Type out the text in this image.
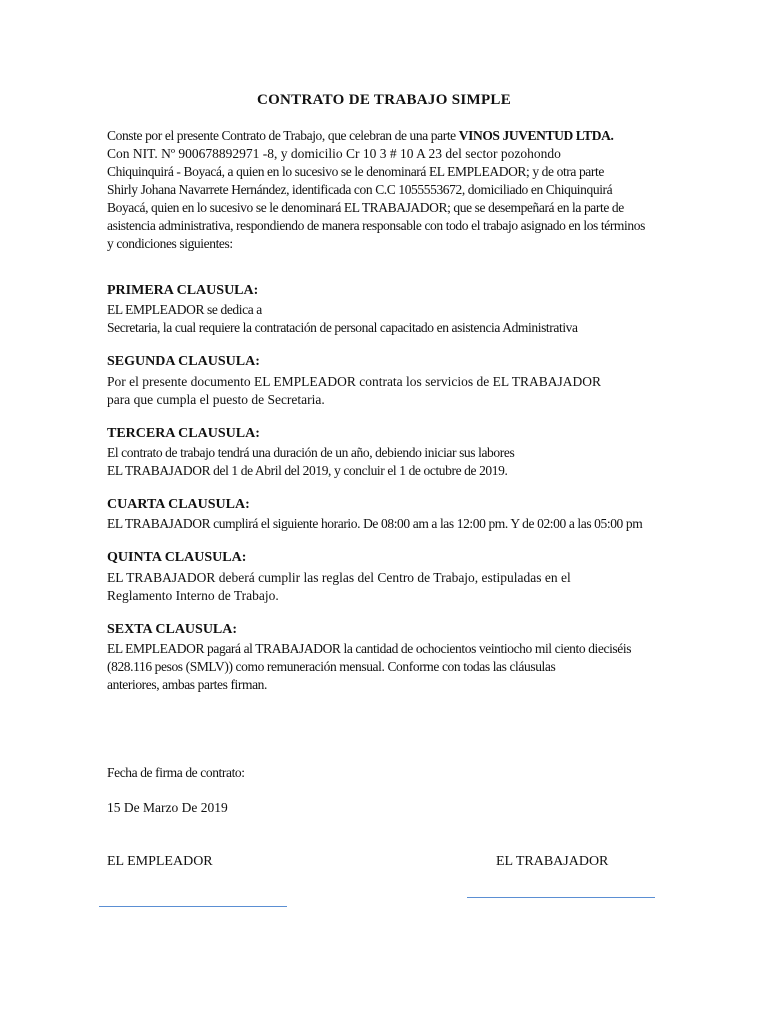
CONTRATO DE TRABAJO SIMPLE

Conste por el presente Contrato de Trabajo, que celebran de una parte VINOS JUVENTUD LTDA.
Con NIT. Nº 900678892971 -8, y domicilio Cr 10 3 # 10 A 23 del sector pozohondo
Chiquinquirá - Boyacá, a quien en lo sucesivo se le denominará EL EMPLEADOR; y de otra parte
Shirly Johana Navarrete Hernández, identificada con C.C 1055553672, domiciliado en Chiquinquirá
Boyacá, quien en lo sucesivo se le denominará EL TRABAJADOR; que se desempeñará en la parte de
asistencia administrativa, respondiendo de manera responsable con todo el trabajo asignado en los términos
y condiciones siguientes:

PRIMERA CLAUSULA:

EL EMPLEADOR se dedica a
Secretaria, la cual requiere la contratación de personal capacitado en asistencia Administrativa

SEGUNDA CLAUSULA:

Por el presente documento EL EMPLEADOR contrata los servicios de EL TRABAJADOR
para que cumpla el puesto de Secretaria.

TERCERA CLAUSULA:

El contrato de trabajo tendrá una duración de un año, debiendo iniciar sus labores
EL TRABAJADOR del 1 de Abril del 2019, y concluir el 1 de octubre de 2019.

CUARTA CLAUSULA:

EL TRABAJADOR cumplirá el siguiente horario. De 08:00 am a las 12:00 pm. Y de 02:00 a las 05:00 pm

QUINTA CLAUSULA:

EL TRABAJADOR deberá cumplir las reglas del Centro de Trabajo, estipuladas en el
Reglamento Interno de Trabajo.

SEXTA CLAUSULA:

EL EMPLEADOR pagará al TRABAJADOR la cantidad de ochocientos veintiocho mil ciento dieciséis
(828.116 pesos (SMLV)) como remuneración mensual. Conforme con todas las cláusulas
anteriores, ambas partes firman.

Fecha de firma de contrato:
15 De Marzo De 2019
EL EMPLEADOR	EL TRABAJADOR
